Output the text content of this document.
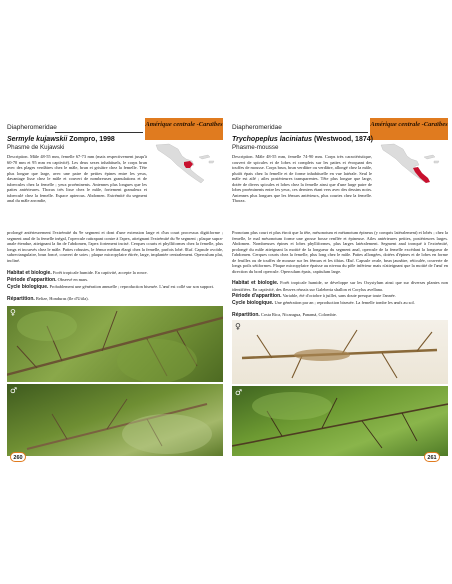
Diapheromeridae	Amérique centrale -Caraïbes
Sermyle kujawskii Zompro, 1998
Phasme de Kujawski

Description. Mâle 48-55 mm, femelle 67-73 mm (mais respectivement jusqu'à 60-70 mm et 95 mm en captivité). Les deux sexes inhabituels, le corps brun avec des plages verdâtres chez le mâle, brun et grisâtre chez la femelle. Tête plus longue que large, avec une paire de petites épines entre les yeux, davantage lisse chez le mâle et couvert de nombreuses granulations et de tubercules chez la femelle ; yeux proéminents. Antennes plus longues que les pattes antérieures. Thorax très lisse chez le mâle, fortement granuleux et tuberculé chez la femelle. Espace apterous. Abdomen. Extrémité du segment anal du mâle arrondie,

prolongé antérieurement l'extrémité du 9e segment et dont d'une extension large et d'un court processus digitiforme ; segment anal de la femelle inégal, l'opercule rattrapant contre à l'apex, atteignant l'extrémité du 9e segment ; plaque supra-anale étendue, atteignant la fin de l'abdomen, l'apex fortement incisé. Cerques courts et phylliformes chez la femelle, plus longs et incurvés chez le mâle. Pattes robustes, le fémur médian élargi chez la femelle, parfois lobé. Œuf. Capsule ovoïde, subrectangulaire, brun foncé, couvert de soies ; plaque micropylaire étirée, large, implantée centralement. Operculum plat, incliné.

Habitat et biologie. Forêt tropicale humide. En captivité, accepte la ronce.

Période d'apparition. Observé en mars.

Cycle biologique. Probablement une génération annuelle ; reproduction biseuée. L'œuf est collé sur son support.

Répartition. Belize, Honduras (île d'Utila).

♀
♂
Diapheromeridae	Amérique centrale -Caraïbes
Trychopeplus laciniatus (Westwood, 1874)
Phasme-mousse

Description. Mâle 48-55 mm, femelle 74-90 mm. Corps très caractéristique, couvert de spicules et de lobes et complets sur les pattes et évoquant des touffes de mousse. Corps brun, brun verdâtre ou verdâtre, allongé chez la mâle, plutôt épais chez la femelle et de forme inhabituelle en vue latérale. Seul le mâle est ailé ; ailes postérieures transparentes. Tête plus longue que large, dotée de divers spicules et lobes chez la femelle ainsi que d'une large paire de lobes proéminents entre les yeux, ces derniers étant vers avec des dessins noirs. Antennes plus longues que les fémurs antérieurs, plus courtes chez la femelle. Thorax.

Pronotum plus court et plus étroit que la tête, mésonotum et métanotum épineux (y compris latéralement) et lobés ; chez la femelle, le mal mésonotum forme une grosse bosse renflée et épineuse. Ailes antérieures petites, postérieures larges. Abdomen. Nombreuses épines et lobes phylliformes, plus larges latéralement. Segment anal tronqué à l'extrémité, prolongé du mâle atteignant la moitié de la longueur du segment anal, opercule de la femelle excédant la longueur de l'abdomen. Cerques courts chez la femelle, plus long chez le mâle. Pattes allongées, dotées d'épines et de lobes en forme de feuilles ou de touffes de mousse sur les fémurs et les tibias. Œuf. Capsule ovale, brun jaunâtre, réticulée, couverte de longs poils sétiformes. Plaque micropylaire épaisse au niveau du pôle inférieur mais n'atteignant que la moitié de l'œuf en direction du bord opercule. Operculum épais, capitulum large.

Habitat et biologie. Forêt tropicale humide, se développe sur les Oxystylum ainsi que sur diverses plantes non identifiées. En captivité, des fleuves réussis sur Galeberia shallon et Corylus avellana.

Période d'apparition. Variable, été d'octobre à juillet, sans doute presque toute l'année.

Cycle biologique. Une génération par an ; reproduction biseuée. La femelle tombe les œufs au sol.

Répartition. Costa Rica, Nicaragua, Panamá, Colombie.

♀
♂
260	261
